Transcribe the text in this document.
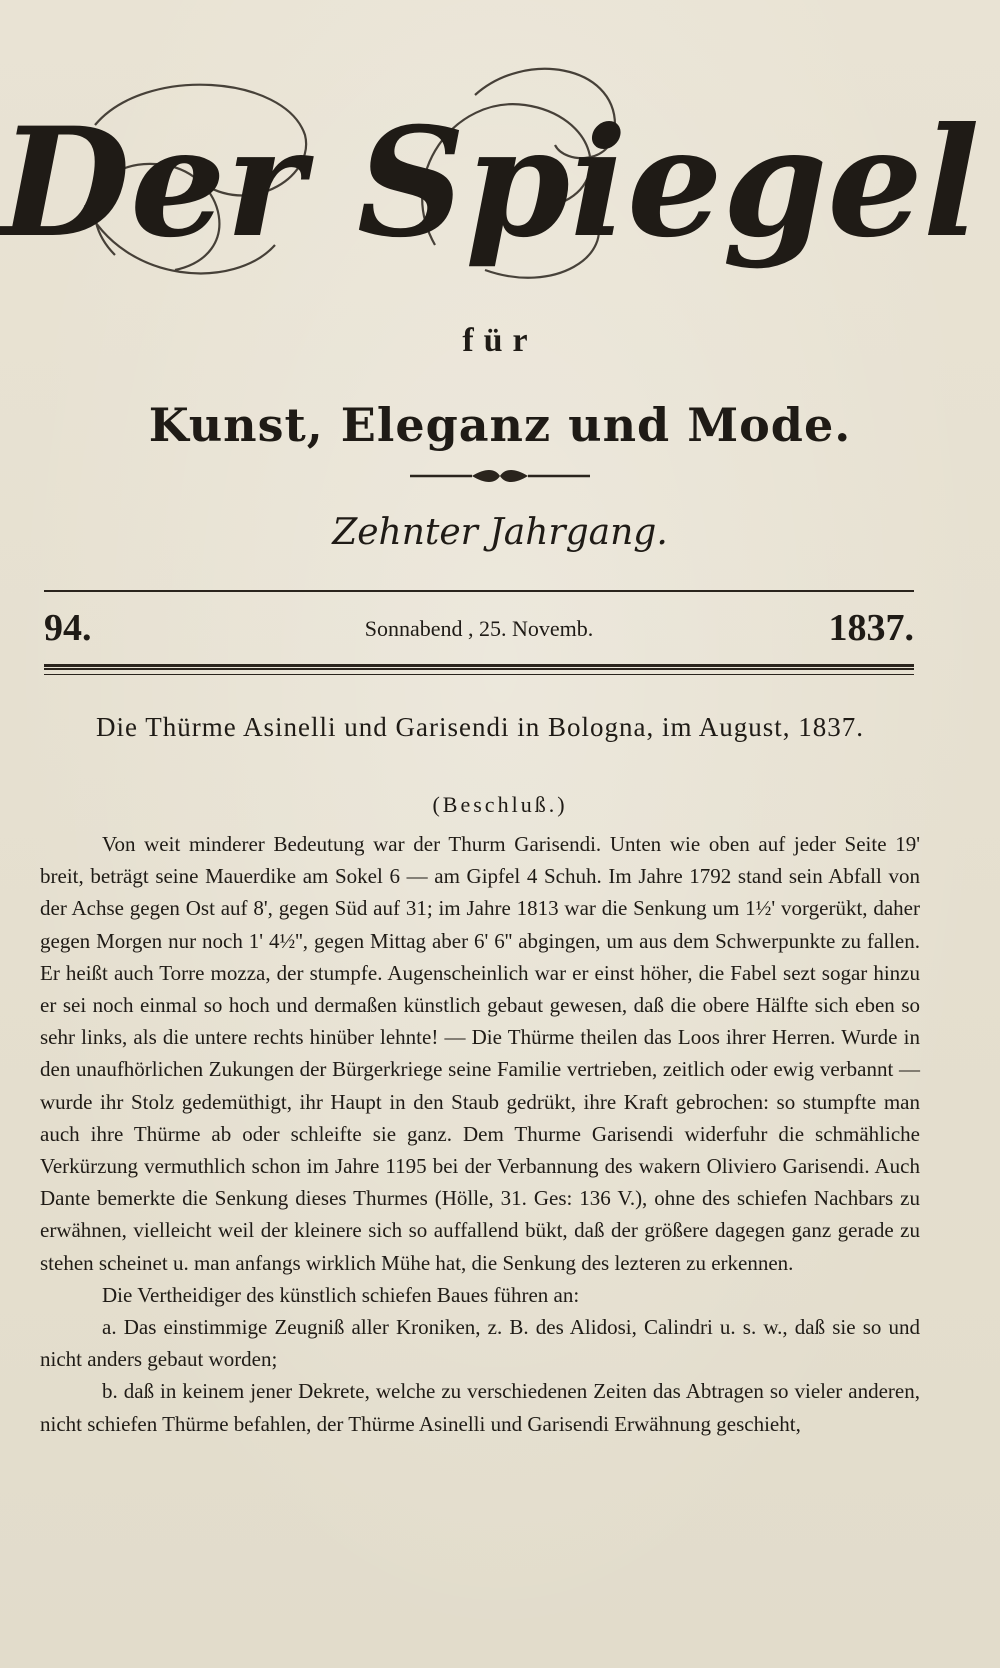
Der Spiegel
für
Kunst, Eleganz und Mode.
Zehnter Jahrgang.
94.	Sonnabend , 25. Novemb.	1837.
Die Thürme Asinelli und Garisendi in Bologna, im August, 1837.
(Beschluß.)

Von weit minderer Bedeutung war der Thurm Garisendi. Unten wie oben auf jeder Seite 19' breit, beträgt seine Mauerdike am Sokel 6 — am Gipfel 4 Schuh. Im Jahre 1792 stand sein Abfall von der Achse gegen Ost auf 8', gegen Süd auf 31; im Jahre 1813 war die Senkung um 1½' vorgerükt, daher gegen Morgen nur noch 1' 4½'', gegen Mittag aber 6' 6'' abgingen, um aus dem Schwerpunkte zu fallen. Er heißt auch Torre mozza, der stumpfe. Augenscheinlich war er einst höher, die Fabel sezt sogar hinzu er sei noch einmal so hoch und dermaßen künstlich gebaut gewesen, daß die obere Hälfte sich eben so sehr links, als die untere rechts hinüber lehnte! — Die Thürme theilen das Loos ihrer Herren. Wurde in den unaufhörlichen Zukungen der Bürgerkriege seine Familie vertrieben, zeitlich oder ewig verbannt — wurde ihr Stolz gedemüthigt, ihr Haupt in den Staub gedrükt, ihre Kraft gebrochen: so stumpfte man auch ihre Thürme ab oder schleifte sie ganz. Dem Thurme Garisendi widerfuhr die schmähliche Verkürzung vermuthlich schon im Jahre 1195 bei der Verbannung des wakern Oliviero Garisendi. Auch Dante bemerkte die Senkung dieses Thurmes (Hölle, 31. Ges: 136 V.), ohne des schiefen Nachbars zu erwähnen, vielleicht weil der kleinere sich so auffallend bükt, daß der größere dagegen ganz gerade zu stehen scheinet u. man anfangs wirklich Mühe hat, die Senkung des lezteren zu erkennen.

Die Vertheidiger des künstlich schiefen Baues führen an:

a. Das einstimmige Zeugniß aller Kroniken, z. B. des Alidosi, Calindri u. s. w., daß sie so und nicht anders gebaut worden;

b. daß in keinem jener Dekrete, welche zu verschiedenen Zeiten das Abtragen so vieler anderen, nicht schiefen Thürme befahlen, der Thürme Asinelli und Garisendi Erwähnung geschieht,
